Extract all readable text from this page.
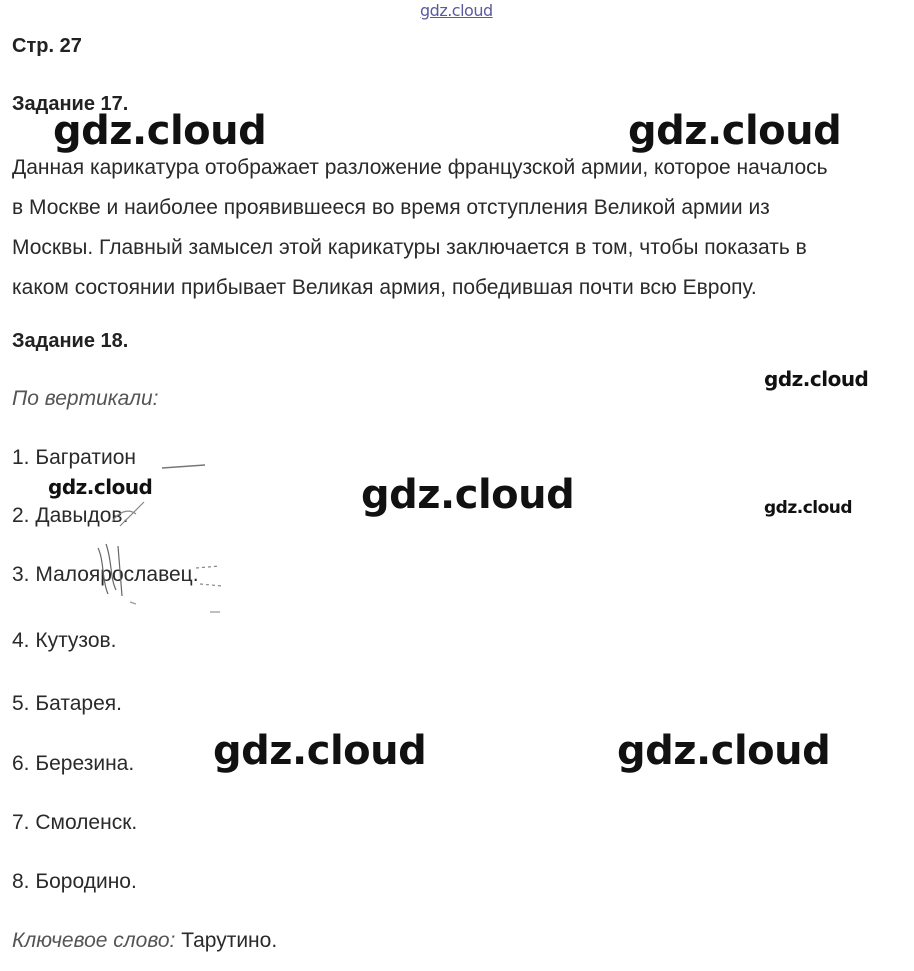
gdz.cloud
Стр. 27
Задание 17.
Данная карикатура отображает разложение французской армии, которое началось
в Москве и наиболее проявившееся во время отступления Великой армии из
Москвы. Главный замысел этой карикатуры заключается в том, чтобы показать в
каком состоянии прибывает Великая армия, победившая почти всю Европу.
Задание 18.
По вертикали:
1. Багратион
2. Давыдов.
3. Малоярославец.
4. Кутузов.
5. Батарея.
6. Березина.
7. Смоленск.
8. Бородино.
Ключевое слово: Тарутино.
gdz.cloud	gdz.cloud
gdz.cloud
gdz.cloud	gdz.cloud	gdz.cloud
gdz.cloud	gdz.cloud
